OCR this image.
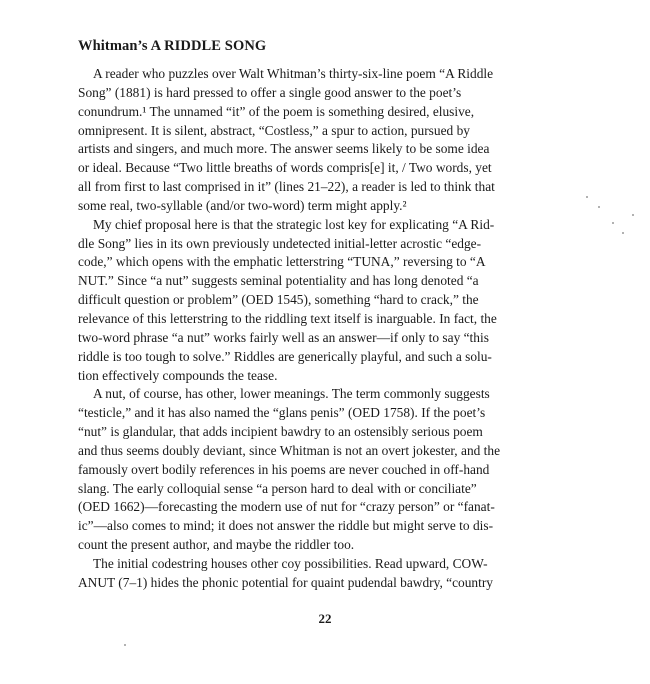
Whitman’s A RIDDLE SONG
A reader who puzzles over Walt Whitman’s thirty-six-line poem “A Riddle
Song” (1881) is hard pressed to offer a single good answer to the poet’s
conundrum.¹ The unnamed “it” of the poem is something desired, elusive,
omnipresent. It is silent, abstract, “Costless,” a spur to action, pursued by
artists and singers, and much more. The answer seems likely to be some idea
or ideal. Because “Two little breaths of words compris[e] it, / Two words, yet
all from first to last comprised in it” (lines 21–22), a reader is led to think that
some real, two-syllable (and/or two-word) term might apply.²
My chief proposal here is that the strategic lost key for explicating “A Rid-
dle Song” lies in its own previously undetected initial-letter acrostic “edge-
code,” which opens with the emphatic letterstring “TUNA,” reversing to “A
NUT.” Since “a nut” suggests seminal potentiality and has long denoted “a
difficult question or problem” (OED 1545), something “hard to crack,” the
relevance of this letterstring to the riddling text itself is inarguable. In fact, the
two-word phrase “a nut” works fairly well as an answer—if only to say “this
riddle is too tough to solve.” Riddles are generically playful, and such a solu-
tion effectively compounds the tease.
A nut, of course, has other, lower meanings. The term commonly suggests
“testicle,” and it has also named the “glans penis” (OED 1758). If the poet’s
“nut” is glandular, that adds incipient bawdry to an ostensibly serious poem
and thus seems doubly deviant, since Whitman is not an overt jokester, and the
famously overt bodily references in his poems are never couched in off-hand
slang. The early colloquial sense “a person hard to deal with or conciliate”
(OED 1662)—forecasting the modern use of nut for “crazy person” or “fanat-
ic”—also comes to mind; it does not answer the riddle but might serve to dis-
count the present author, and maybe the riddler too.
The initial codestring houses other coy possibilities. Read upward, COW-
ANUT (7–1) hides the phonic potential for quaint pudendal bawdry, “country
22
